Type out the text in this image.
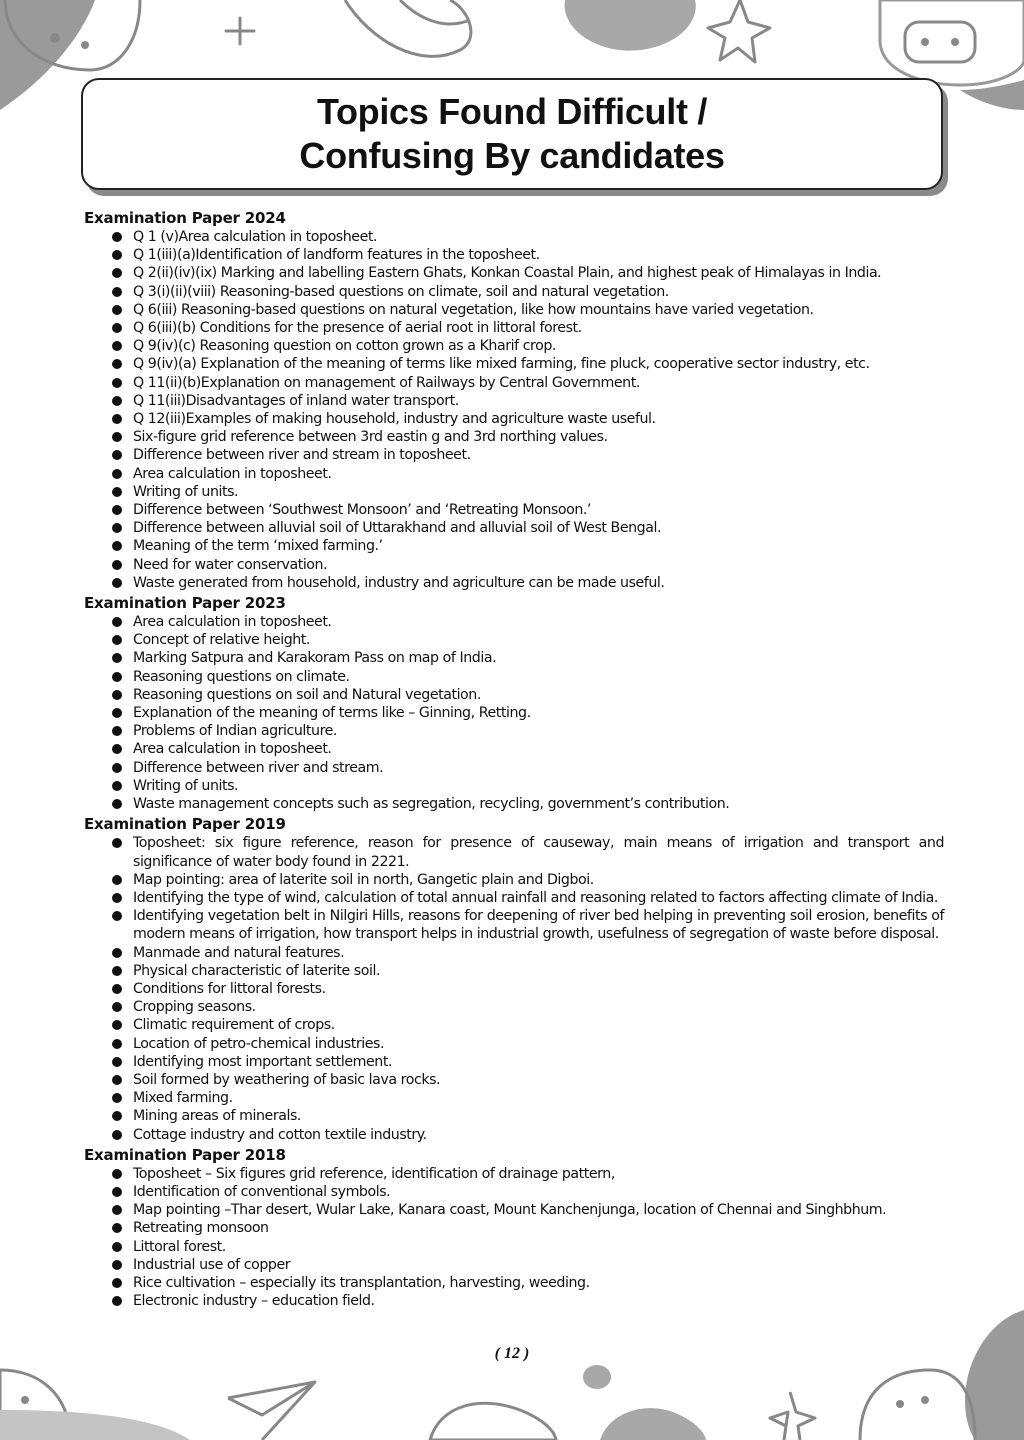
Topics Found Difficult /
Confusing By candidates
Examination Paper 2024
Q 1 (v)Area calculation in toposheet.
Q 1(iii)(a)Identification of landform features in the toposheet.
Q 2(ii)(iv)(ix) Marking and labelling Eastern Ghats, Konkan Coastal Plain, and highest peak of Himalayas in India.
Q 3(i)(ii)(viii) Reasoning-based questions on climate, soil and natural vegetation.
Q 6(iii) Reasoning-based questions on natural vegetation, like how mountains have varied vegetation.
Q 6(iii)(b) Conditions for the presence of aerial root in littoral forest.
Q 9(iv)(c) Reasoning question on cotton grown as a Kharif crop.
Q 9(iv)(a) Explanation of the meaning of terms like mixed farming, fine pluck, cooperative sector industry, etc.
Q 11(ii)(b)Explanation on management of Railways by Central Government.
Q 11(iii)Disadvantages of inland water transport.
Q 12(iii)Examples of making household, industry and agriculture waste useful.
Six-figure grid reference between 3rd eastin g and 3rd northing values.
Difference between river and stream in toposheet.
Area calculation in toposheet.
Writing of units.
Difference between ‘Southwest Monsoon’ and ‘Retreating Monsoon.’
Difference between alluvial soil of Uttarakhand and alluvial soil of West Bengal.
Meaning of the term ‘mixed farming.’
Need for water conservation.
Waste generated from household, industry and agriculture can be made useful.
Examination Paper 2023
Area calculation in toposheet.
Concept of relative height.
Marking Satpura and Karakoram Pass on map of India.
Reasoning questions on climate.
Reasoning questions on soil and Natural vegetation.
Explanation of the meaning of terms like – Ginning, Retting.
Problems of Indian agriculture.
Area calculation in toposheet.
Difference between river and stream.
Writing of units.
Waste management concepts such as segregation, recycling, government’s contribution.
Examination Paper 2019
Toposheet: six figure reference, reason for presence of causeway, main means of irrigation and transport and significance of water body found in 2221.
Map pointing: area of laterite soil in north, Gangetic plain and Digboi.
Identifying the type of wind, calculation of total annual rainfall and reasoning related to factors affecting climate of India.
Identifying vegetation belt in Nilgiri Hills, reasons for deepening of river bed helping in preventing soil erosion, benefits of modern means of irrigation, how transport helps in industrial growth, usefulness of segregation of waste before disposal.
Manmade and natural features.
Physical characteristic of laterite soil.
Conditions for littoral forests.
Cropping seasons.
Climatic requirement of crops.
Location of petro-chemical industries.
Identifying most important settlement.
Soil formed by weathering of basic lava rocks.
Mixed farming.
Mining areas of minerals.
Cottage industry and cotton textile industry.
Examination Paper 2018
Toposheet – Six figures grid reference, identification of drainage pattern,
Identification of conventional symbols.
Map pointing –Thar desert, Wular Lake, Kanara coast, Mount Kanchenjunga, location of Chennai and Singhbhum.
Retreating monsoon
Littoral forest.
Industrial use of copper
Rice cultivation – especially its transplantation, harvesting, weeding.
Electronic industry – education field.
( 12 )
